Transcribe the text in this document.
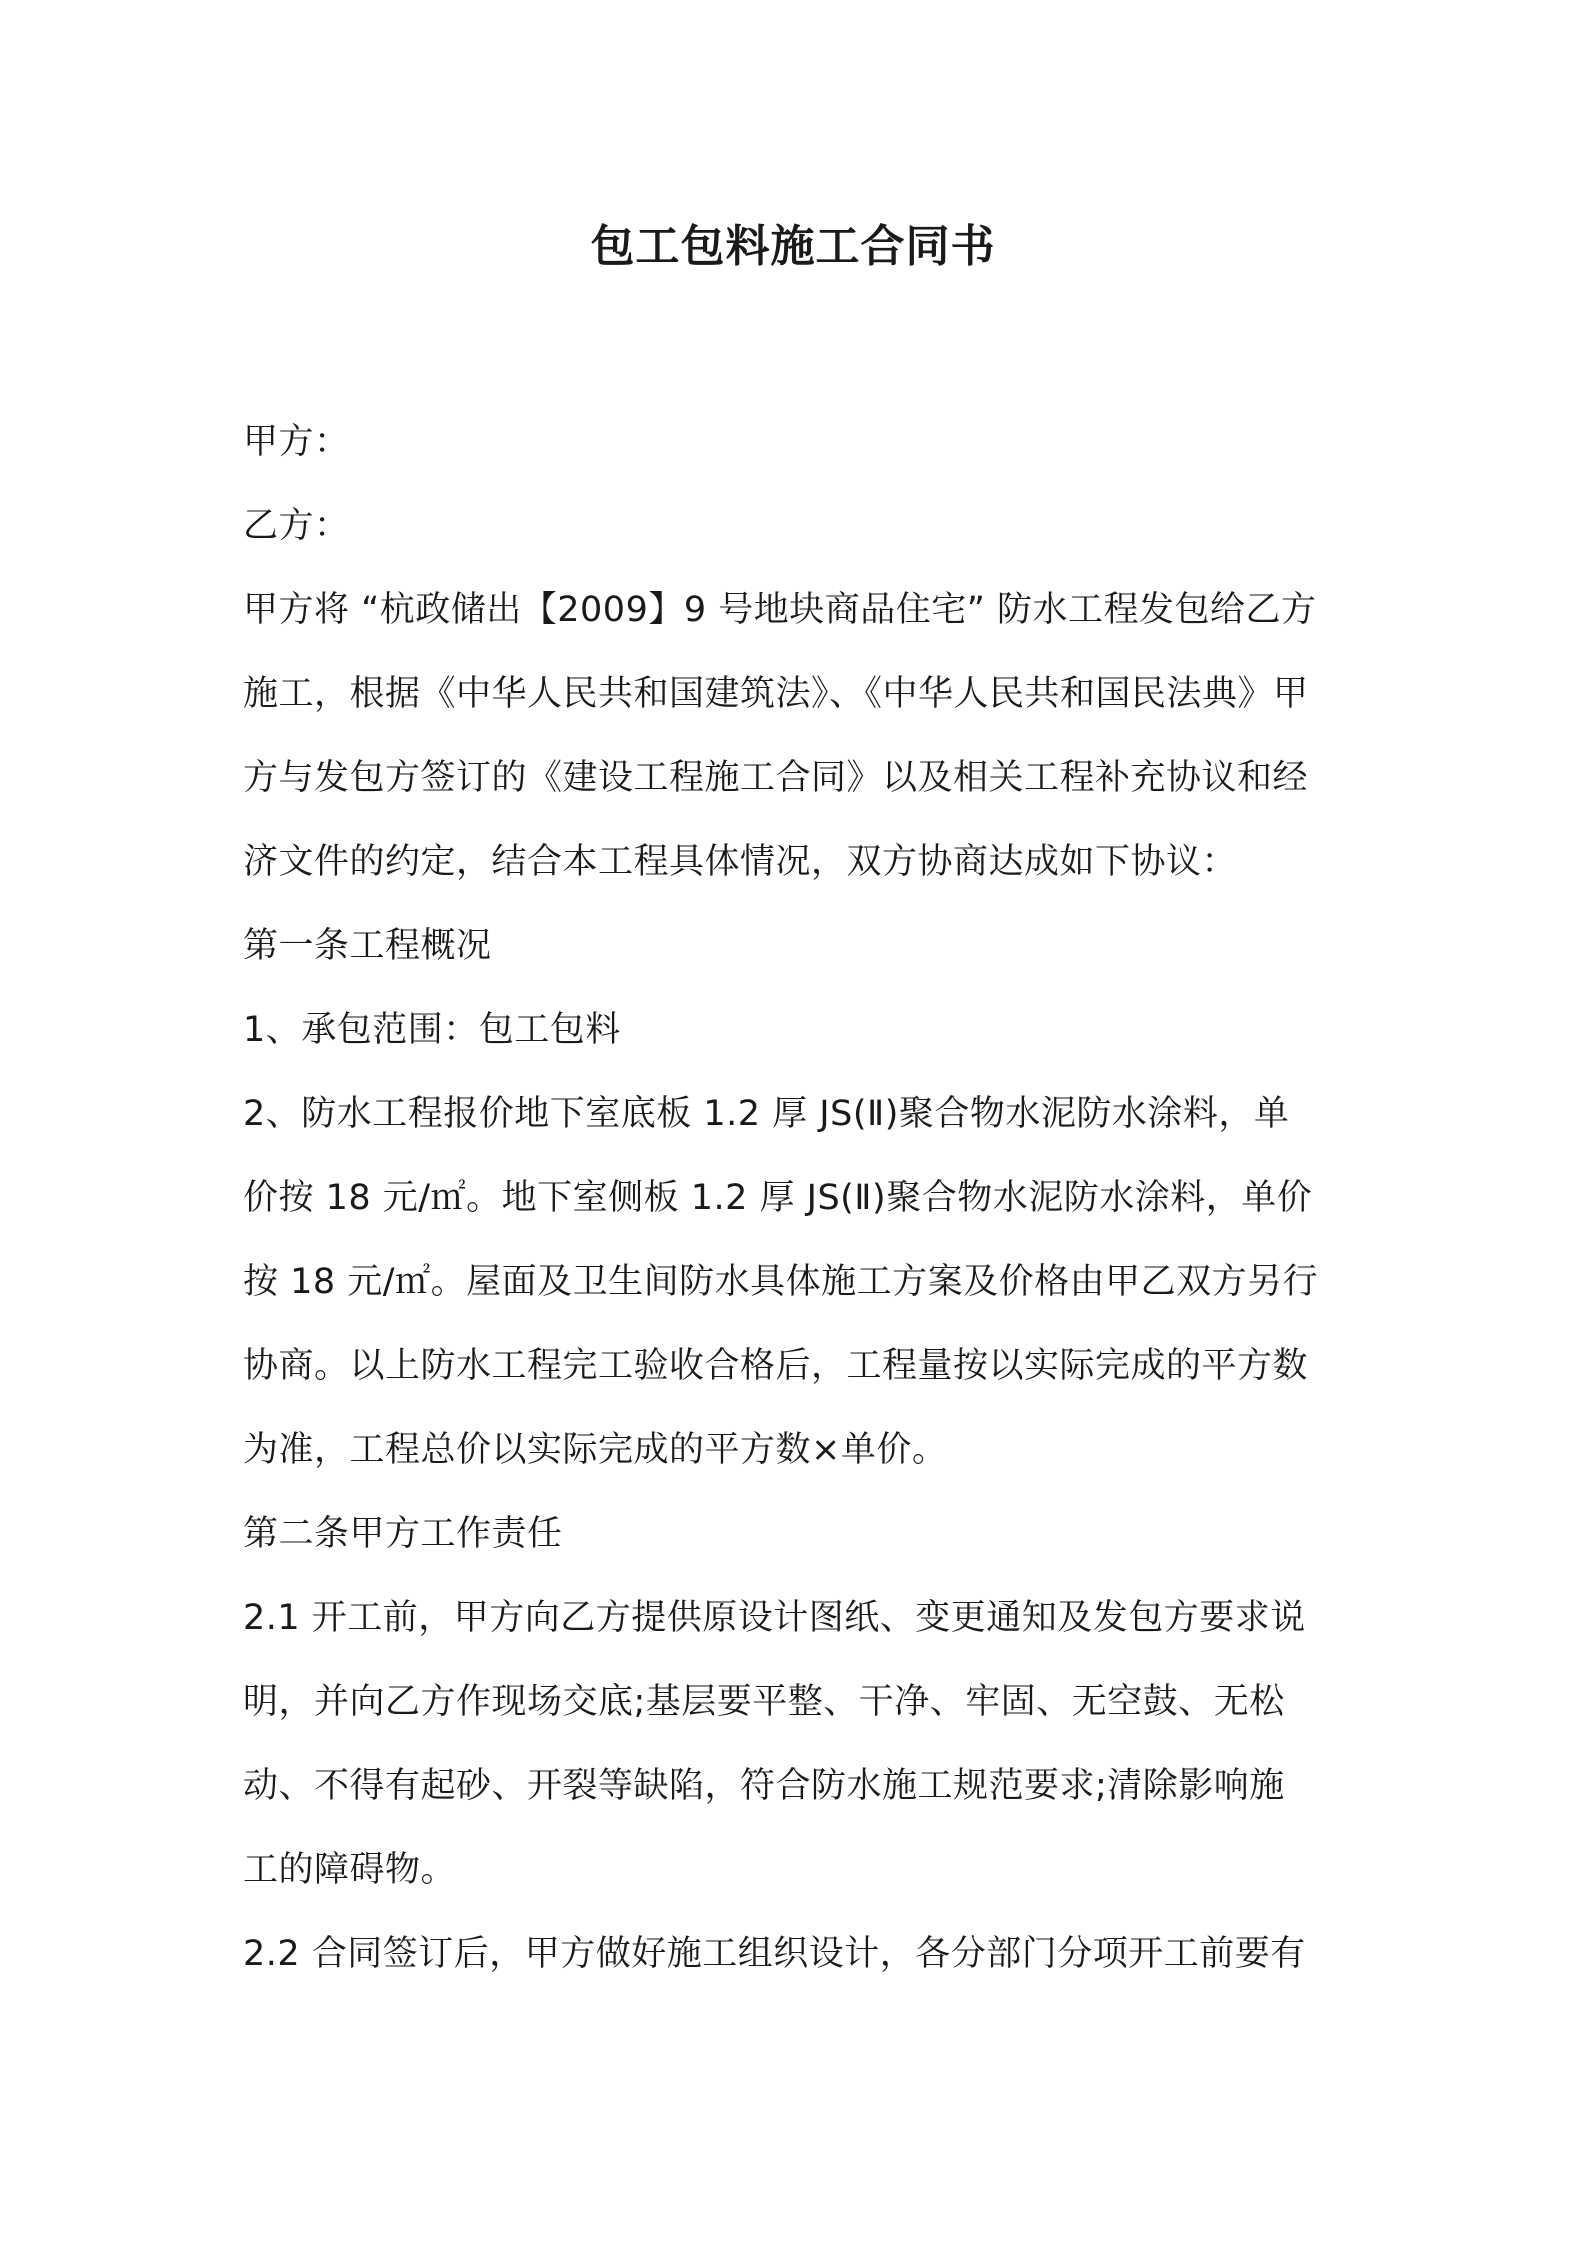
包工包料施工合同书

甲方：

乙方：

甲方将 “杭政储出【2009】9 号地块商品住宅” 防水工程发包给乙方

施工，根据《中华人民共和国建筑法》、《中华人民共和国民法典》甲

方与发包方签订的《建设工程施工合同》以及相关工程补充协议和经

济文件的约定，结合本工程具体情况，双方协商达成如下协议：

第一条工程概况

1、承包范围：包工包料

2、防水工程报价地下室底板 1.2 厚 JS(Ⅱ)聚合物水泥防水涂料，单

价按 18 元/㎡。地下室侧板 1.2 厚 JS(Ⅱ)聚合物水泥防水涂料，单价

按 18 元/㎡。屋面及卫生间防水具体施工方案及价格由甲乙双方另行

协商。以上防水工程完工验收合格后，工程量按以实际完成的平方数

为准，工程总价以实际完成的平方数×单价。

第二条甲方工作责任

2.1 开工前，甲方向乙方提供原设计图纸、变更通知及发包方要求说

明，并向乙方作现场交底;基层要平整、干净、牢固、无空鼓、无松

动、不得有起砂、开裂等缺陷，符合防水施工规范要求;清除影响施

工的障碍物。

2.2 合同签订后，甲方做好施工组织设计，各分部门分项开工前要有
